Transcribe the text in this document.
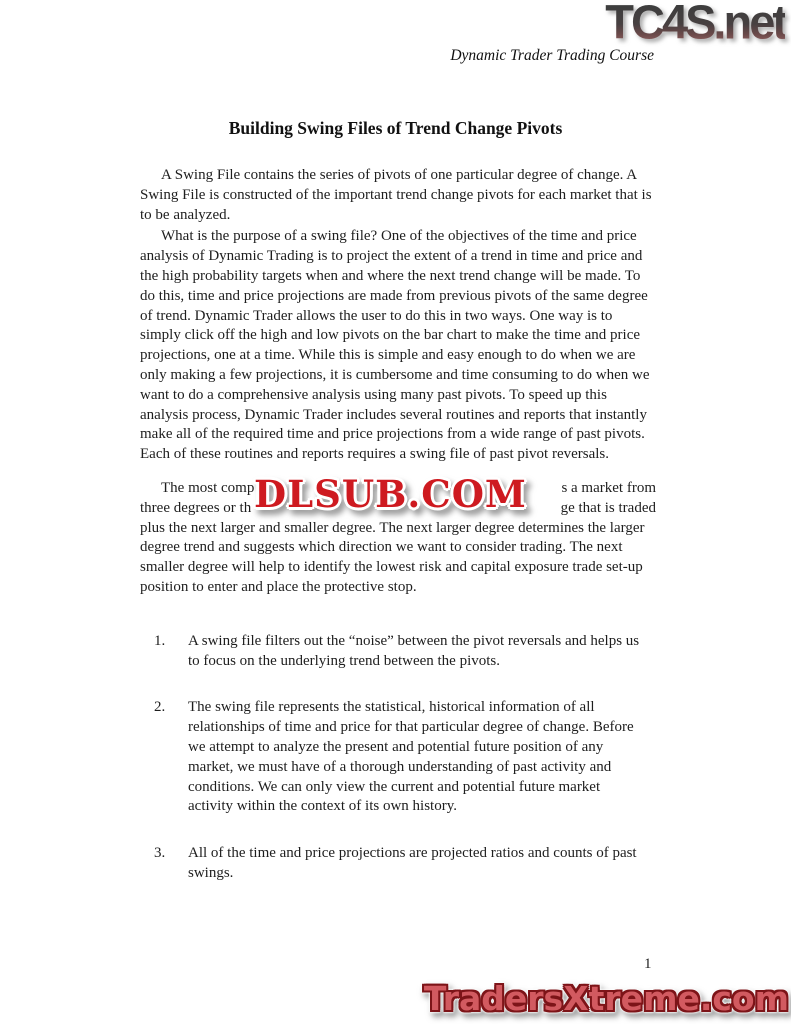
TC4S.net
Dynamic Trader Trading Course
Building Swing Files of Trend Change Pivots
A Swing File contains the series of pivots of one particular degree of change. A Swing File is constructed of the important trend change pivots for each market that is to be analyzed.
What is the purpose of a swing file? One of the objectives of the time and price analysis of Dynamic Trading is to project the extent of a trend in time and price and the high probability targets when and where the next trend change will be made. To do this, time and price projections are made from previous pivots of the same degree of trend. Dynamic Trader allows the user to do this in two ways. One way is to simply click off the high and low pivots on the bar chart to make the time and price projections, one at a time. While this is simple and easy enough to do when we are only making a few projections, it is cumbersome and time consuming to do when we want to do a comprehensive analysis using many past pivots. To speed up this analysis process, Dynamic Trader includes several routines and reports that instantly make all of the required time and price projections from a wide range of past pivots. Each of these routines and reports requires a swing file of past pivot reversals.
DLSUB.COM
The most comp	s a market from
three degrees or th	ge that is traded
plus the next larger and smaller degree. The next larger degree determines the larger degree trend and suggests which direction we want to consider trading. The next smaller degree will help to identify the lowest risk and capital exposure trade set-up position to enter and place the protective stop.
1.	A swing file filters out the “noise” between the pivot reversals and helps us to focus on the underlying trend between the pivots.
2.	The swing file represents the statistical, historical information of all relationships of time and price for that particular degree of change. Before we attempt to analyze the present and potential future position of any market, we must have of a thorough understanding of past activity and conditions. We can only view the current and potential future market activity within the context of its own history.
3.	All of the time and price projections are projected ratios and counts of past swings.
1
TradersXtreme.com
